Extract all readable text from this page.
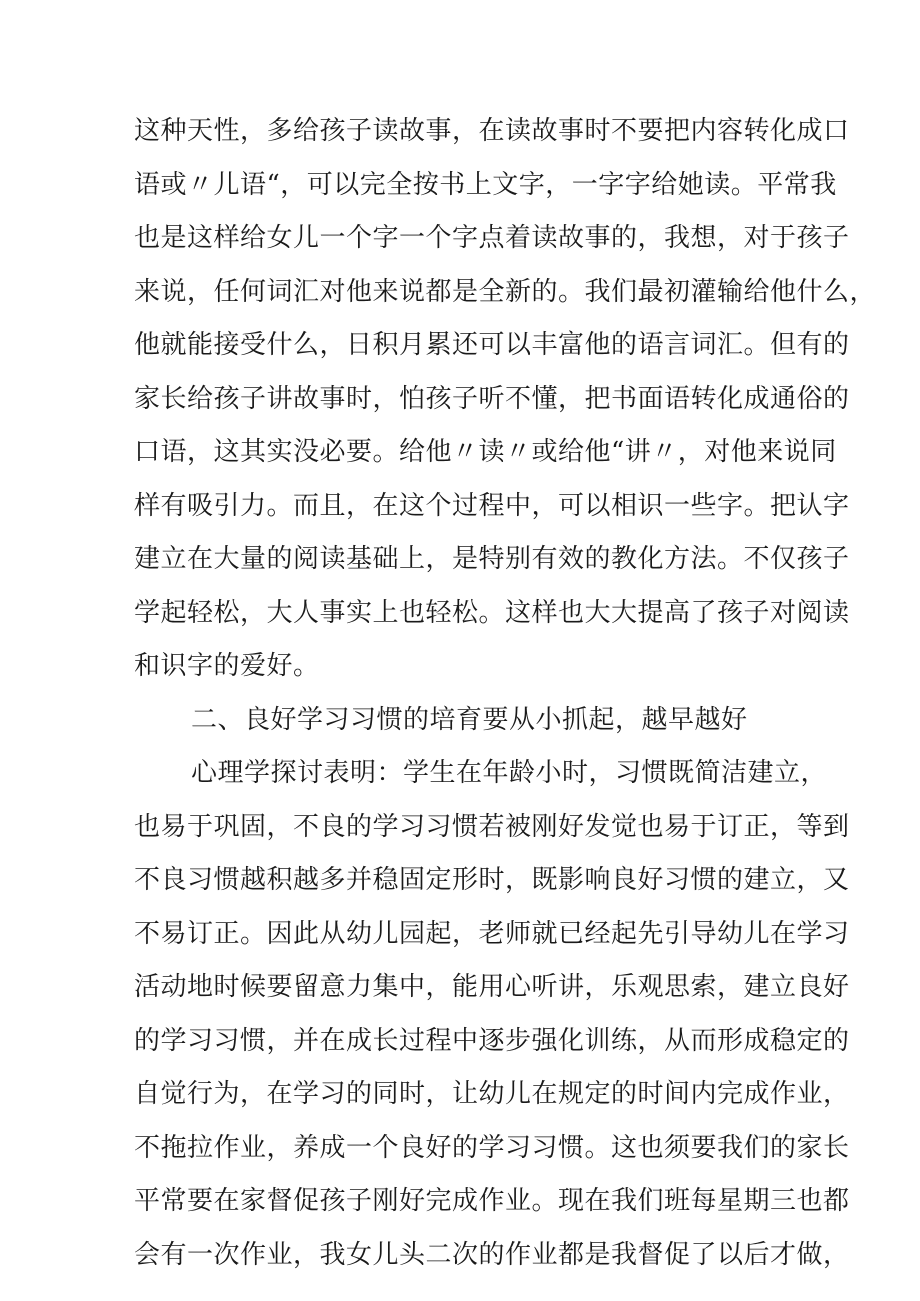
这种天性，多给孩子读故事，在读故事时不要把内容转化成口
语或〃儿语“，可以完全按书上文字，一字字给她读。平常我
也是这样给女儿一个字一个字点着读故事的，我想，对于孩子
来说，任何词汇对他来说都是全新的。我们最初灌输给他什么，
他就能接受什么，日积月累还可以丰富他的语言词汇。但有的
家长给孩子讲故事时，怕孩子听不懂，把书面语转化成通俗的
口语，这其实没必要。给他〃读〃或给他“讲〃，对他来说同
样有吸引力。而且，在这个过程中，可以相识一些字。把认字
建立在大量的阅读基础上，是特别有效的教化方法。不仅孩子
学起轻松，大人事实上也轻松。这样也大大提高了孩子对阅读
和识字的爱好。
二、良好学习习惯的培育要从小抓起，越早越好
心理学探讨表明：学生在年龄小时，习惯既简洁建立，
也易于巩固，不良的学习习惯若被刚好发觉也易于订正，等到
不良习惯越积越多并稳固定形时，既影响良好习惯的建立，又
不易订正。因此从幼儿园起，老师就已经起先引导幼儿在学习
活动地时候要留意力集中，能用心听讲，乐观思索，建立良好
的学习习惯，并在成长过程中逐步强化训练，从而形成稳定的
自觉行为，在学习的同时，让幼儿在规定的时间内完成作业，
不拖拉作业，养成一个良好的学习习惯。这也须要我们的家长
平常要在家督促孩子刚好完成作业。现在我们班每星期三也都
会有一次作业，我女儿头二次的作业都是我督促了以后才做，
